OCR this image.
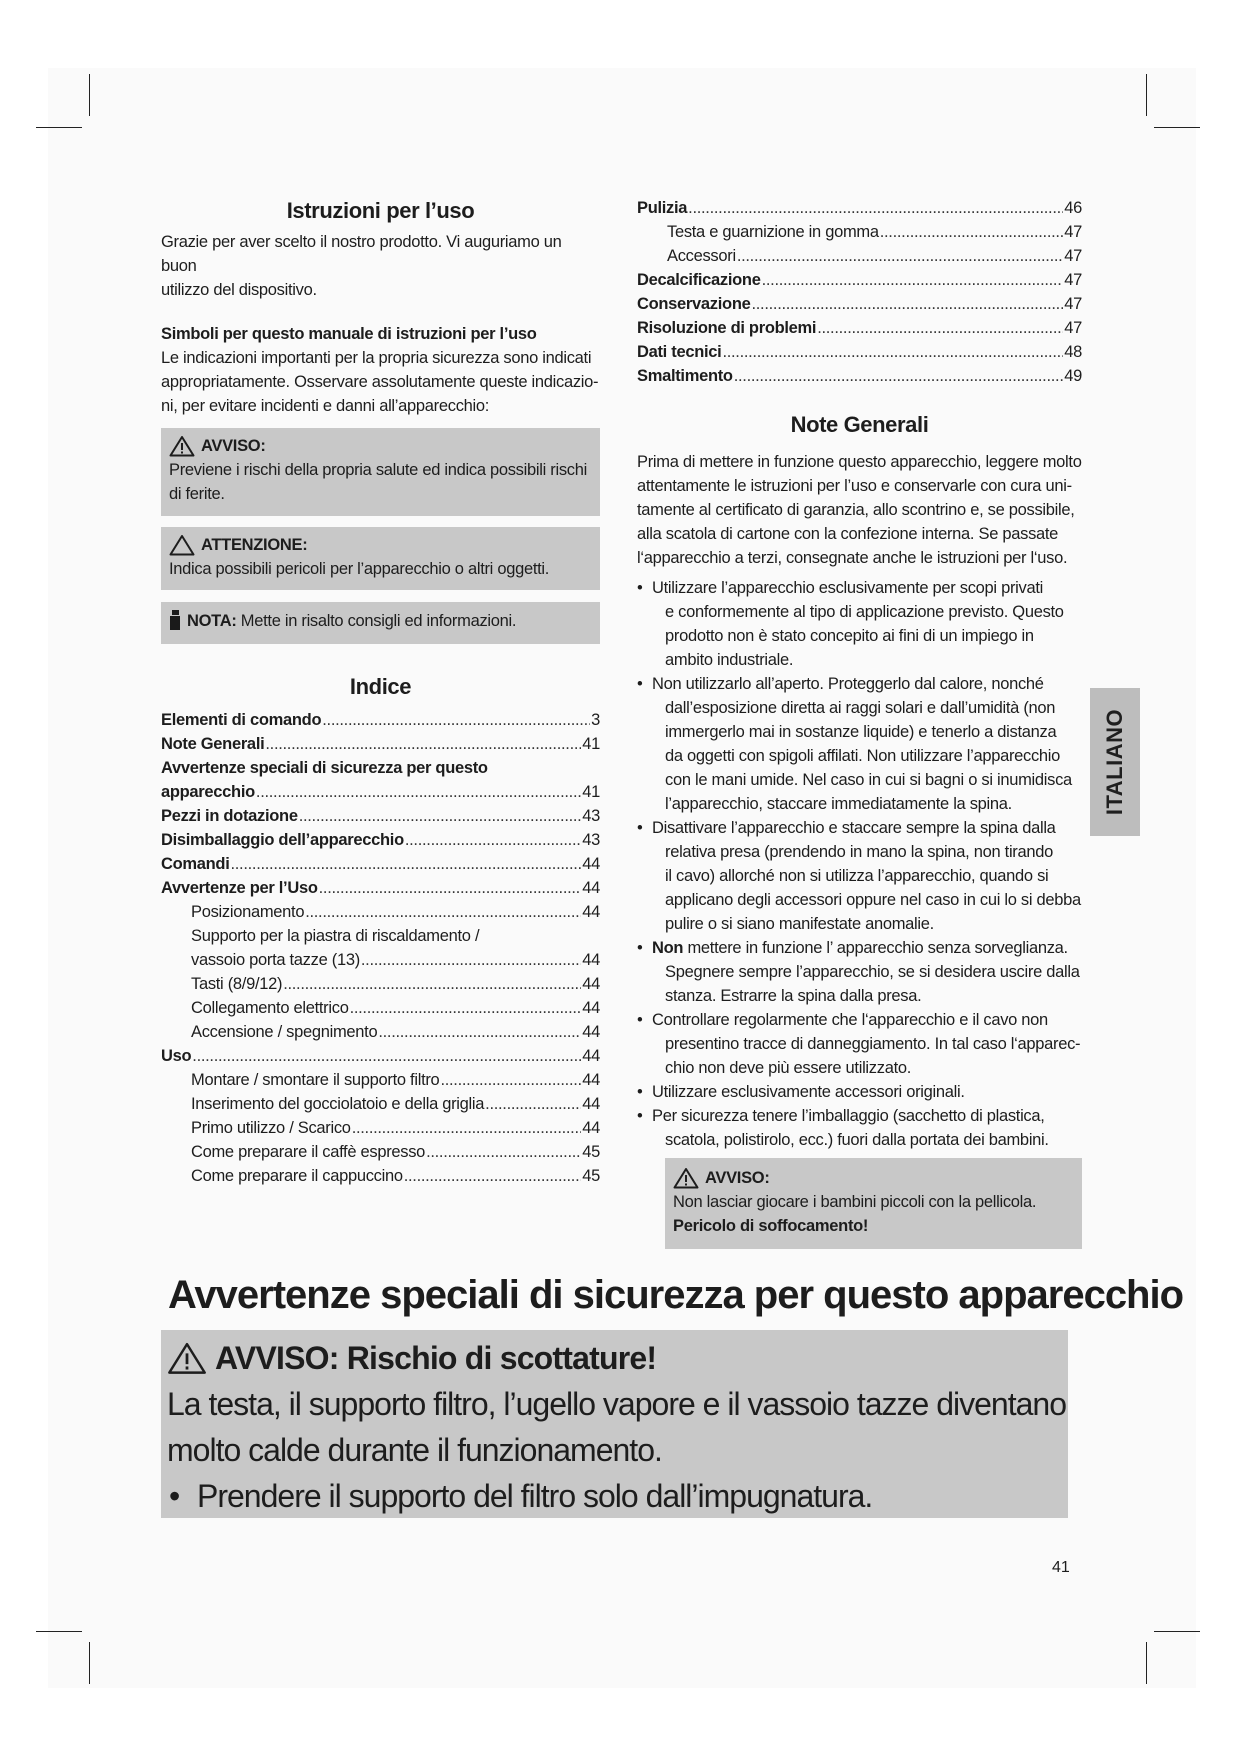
Istruzioni per l’uso

Grazie per aver scelto il nostro prodotto. Vi auguriamo un buon

utilizzo del dispositivo.

Simboli per questo manuale di istruzioni per l’uso

Le indicazioni importanti per la propria sicurezza sono indicati

appropriatamente. Osservare assolutamente queste indicazio-

ni, per evitare incidenti e danni all’apparecchio:

AVVISO:

Previene i rischi della propria salute ed indica possibili rischi

di ferite.

ATTENZIONE:

Indica possibili pericoli per l’apparecchio o altri oggetti.

NOTA: Mette in risalto consigli ed informazioni.
Indice
Elementi di comando .....	3
Note Generali .....	41
Avvertenze speciali di sicurezza per questo
apparecchio .....	41
Pezzi in dotazione .....	43
Disimballaggio dell’apparecchio .....	43
Comandi .....	44
Avvertenze per l’Uso .....	44
Posizionamento .....	44
Supporto per la piastra di riscaldamento /
vassoio porta tazze (13) .....	44
Tasti (8/9/12) .....	44
Collegamento elettrico .....	44
Accensione / spegnimento .....	44
Uso .....	44
Montare / smontare il supporto filtro .....	44
Inserimento del gocciolatoio e della griglia .....	44
Primo utilizzo / Scarico .....	44
Come preparare il caffè espresso .....	45
Come preparare il cappuccino .....	45
Pulizia .....	46
Testa e guarnizione in gomma .....	47
Accessori .....	47
Decalcificazione .....	47
Conservazione .....	47
Risoluzione di problemi .....	47
Dati tecnici .....	48
Smaltimento .....	49
Note Generali

Prima di mettere in funzione questo apparecchio, leggere molto

attentamente le istruzioni per l’uso e conservarle con cura uni-

tamente al certificato di garanzia, allo scontrino e, se possibile,

alla scatola di cartone con la confezione interna. Se passate

l‘apparecchio a terzi, consegnate anche le istruzioni per l‘uso.

• Utilizzare l’apparecchio esclusivamente per scopi privati
e conformemente al tipo di applicazione previsto. Questo
prodotto non è stato concepito ai fini di un impiego in
ambito industriale.
• Non utilizzarlo all’aperto. Proteggerlo dal calore, nonché
dall’esposizione diretta ai raggi solari e dall’umidità (non
immergerlo mai in sostanze liquide) e tenerlo a distanza
da oggetti con spigoli affilati. Non utilizzare l’apparecchio
con le mani umide. Nel caso in cui si bagni o si inumidisca
l’apparecchio, staccare immediatamente la spina.
• Disattivare l’apparecchio e staccare sempre la spina dalla
relativa presa (prendendo in mano la spina, non tirando
il cavo) allorché non si utilizza l’apparecchio, quando si
applicano degli accessori oppure nel caso in cui lo si debba
pulire o si siano manifestate anomalie.
• Non mettere in funzione l’ apparecchio senza sorveglianza.
Spegnere sempre l’apparecchio, se si desidera uscire dalla
stanza. Estrarre la spina dalla presa.
• Controllare regolarmente che l‘apparecchio e il cavo non
presentino tracce di danneggiamento. In tal caso l‘apparec-
chio non deve più essere utilizzato.
• Utilizzare esclusivamente accessori originali.
• Per sicurezza tenere l’imballaggio (sacchetto di plastica,
scatola, polistirolo, ecc.) fuori dalla portata dei bambini.
AVVISO:

Non lasciar giocare i bambini piccoli con la pellicola.

Pericolo di soffocamento!

ITALIANO
Avvertenze speciali di sicurezza per questo apparecchio
AVVISO: Rischio di scottature!
La testa, il supporto filtro, l’ugello vapore e il vassoio tazze diventano
molto calde durante il funzionamento.
• Prendere il supporto del filtro solo dall’impugnatura.
41
